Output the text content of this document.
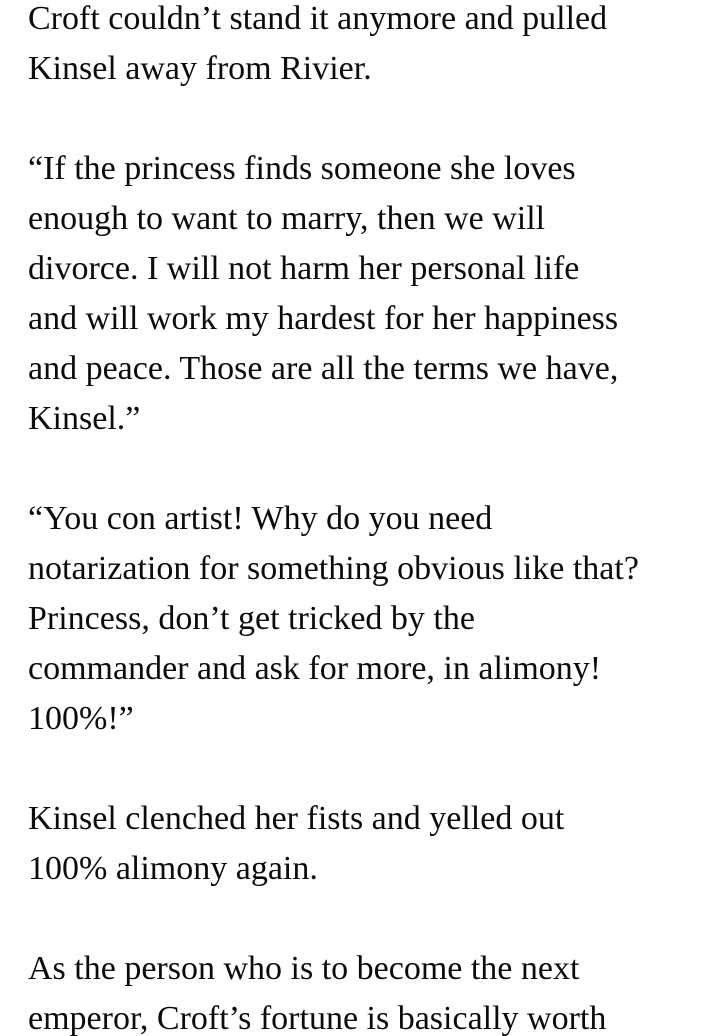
Croft couldn’t stand it anymore and pulled
Kinsel away from Rivier.

“If the princess finds someone she loves
enough to want to marry, then we will
divorce. I will not harm her personal life
and will work my hardest for her happiness
and peace. Those are all the terms we have,
Kinsel.”

“You con artist! Why do you need
notarization for something obvious like that?
Princess, don’t get tricked by the
commander and ask for more, in alimony!
100%!”

Kinsel clenched her fists and yelled out
100% alimony again.

As the person who is to become the next
emperor, Croft’s fortune is basically worth
